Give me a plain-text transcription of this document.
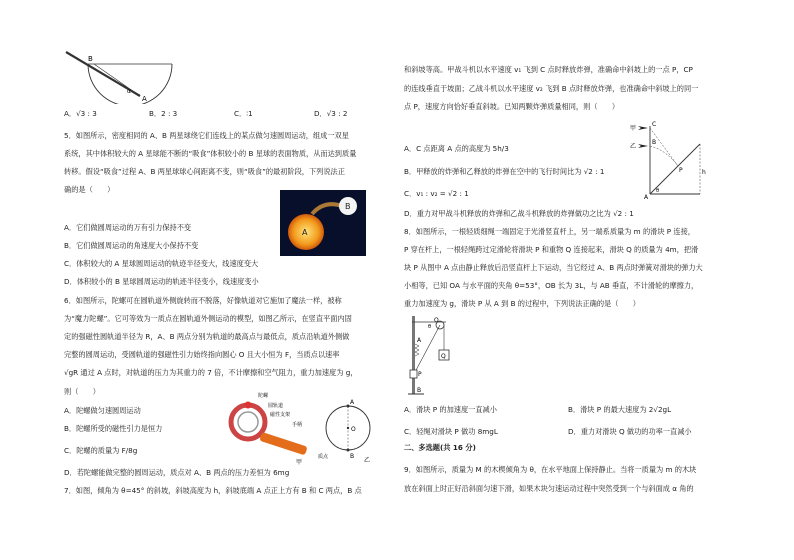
B
A
α
A．√3 : 3	B．2 : 3	C．∶1	D．√3 : 2
5．如图所示，密度相同的 A、B 两星球绕它们连线上的某点做匀速圆周运动，组成一双星
系统，其中体积较大的 A 星球能不断的“吸食”体积较小的 B 星球的表面物质，从而达到质量
转移。假设“吸食”过程 A、B 两星球球心间距离不变，则“吸食”的最初阶段，下列说法正
确的是（　　）
A
B
A．它们做圆周运动的万有引力保持不变
B．它们做圆周运动的角速度大小保持不变
C．体积较大的 A 星球圆周运动的轨迹半径变大，线速度变大
D．体积较小的 B 星球圆周运动的轨迹半径变小，线速度变小
6．如图所示，陀螺可在圆轨道外侧旋转而不脱落，好像轨道对它施加了魔法一样，被称
为“魔力陀螺”。它可等效为一质点在圆轨道外侧运动的模型，如图乙所示，在竖直平面内固
定的强磁性圆轨道半径为 R，A、B 两点分别为轨道的最高点与最低点，质点沿轨道外侧做
完整的圆周运动，受圆轨道的强磁性引力始终指向圆心 O 且大小恒为 F，当质点以速率
√gR 通过 A 点时，对轨道的压力为其重力的 7 倍，不计摩擦和空气阻力，重力加速度为 g，
则（　　）	陀螺
圆轨道
磁性支架
手柄
甲
A
B
O
质点	乙
A．陀螺做匀速圆周运动
B．陀螺所受的磁性引力是恒力
C．陀螺的质量为 F/8g
D．若陀螺能做完整的圆周运动，质点对 A、B 两点的压力差恒为 6mg
7．如图，倾角为 θ=45° 的斜坡，斜坡高度为 h，斜坡底端 A 点正上方有 B 和 C 两点，B 点
和斜坡等高。甲战斗机以水平速度 v₁ 飞到 C 点时释放炸弹，准确命中斜坡上的一点 P，CP
的连线垂直于坡面；乙战斗机以水平速度 v₂ 飞到 B 点时释放炸弹，也准确命中斜坡上的同一
点 P，速度方向恰好垂直斜坡。已知两颗炸弹质量相同，则（　　）
甲
乙
C
B
P
A
h
θ
A．C 点距离 A 点的高度为 5h/3
B．甲释放的炸弹和乙释放的炸弹在空中的飞行时间比为 √2 : 1
C．v₁ : v₂ = √2 : 1
D．重力对甲战斗机释放的炸弹和乙战斗机释放的炸弹做功之比为 √2 : 1
8．如图所示，一根轻质细绳一端固定于光滑竖直杆上，另一端系质量为 m 的滑块 P 连接，
P 穿在杆上，一根轻绳跨过定滑轮将滑块 P 和重物 Q 连接起来，滑块 Q 的质量为 4m，把滑
块 P 从图中 A 点由静止释放后沿竖直杆上下运动，当它经过 A、B 两点时弹簧对滑块的弹力大
小相等，已知 OA 与水平面的夹角 θ=53°，OB 长为 3L，与 AB 垂直，不计滑轮的摩擦力，
重力加速度为 g，滑块 P 从 A 到 B 的过程中，下列说法正确的是（　　）
O
θ
A
B
P
Q
A．滑块 P 的加速度一直减小	B．滑块 P 的最大速度为 2√2gL
C．轻绳对滑块 P 做功 8mgL	D．重力对滑块 Q 做功的功率一直减小
二、多选题(共 16 分)
9．如图所示，质量为 M 的木楔倾角为 θ，在水平地面上保持静止。当将一质量为 m 的木块
放在斜面上时正好沿斜面匀速下滑，如果木块匀速运动过程中突然受到一个与斜面成 α 角的
